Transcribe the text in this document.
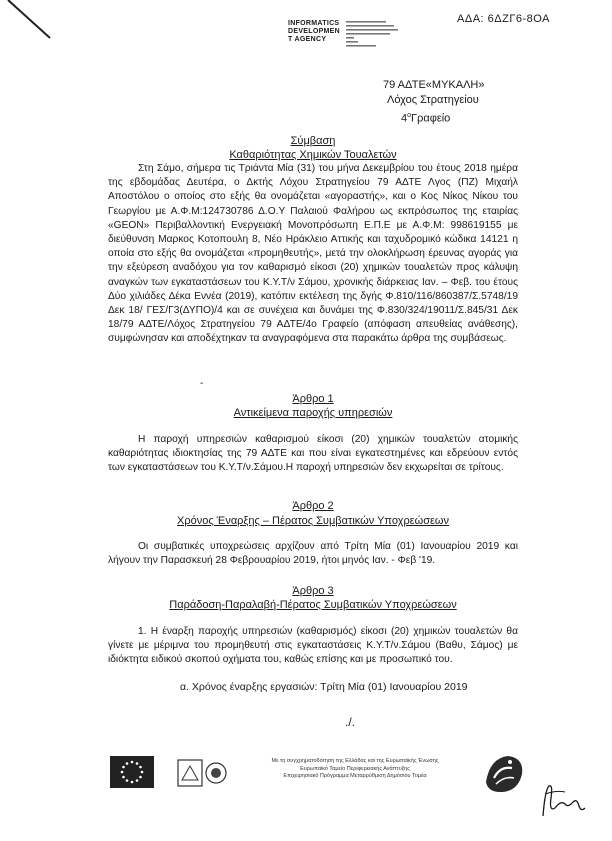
ΑΔΑ: 6ΔΖΓ6-8ΟΑ
INFORMATICS
DEVELOPMEN
T AGENCY
79 ΑΔΤΕ«ΜΥΚΑΛΗ»
Λόχος Στρατηγείου
$4^o\Gamma\rho\alpha\varphi\varepsilon ίo$
Σύμβαση
Καθαριότητας Χημικών Τουαλετών
Στη Σάμο, σήμερα τις Τριάντα Μία (31) του μήνα Δεκεμβρίου του έτους 2018 ημέρα της εβδομάδας Δευτέρα, ο Δκτής Λόχου Στρατηγείου 79 ΑΔΤΕ Λγος (ΠΖ) Μιχαήλ Αποστόλου ο οποίος στο εξής θα ονομάζεται «αγοραστής», και ο Κος Νίκος Νίκου του Γεωργίου με Α.Φ.Μ:124730786 Δ.Ο.Υ Παλαιού Φαλήρου ως εκπρόσωπος της εταιρίας «GEON» Περιβαλλοντική Ενεργειακή Μονοπρόσωπη Ε.Π.Ε με Α.Φ.Μ: 998619155 με διεύθυνση Μαρκος Κοτοπουλη 8, Νέο Ηράκλειο Αττικής και ταχυδρομικό κώδικα 14121 η οποία στο εξής θα ονομάζεται «προμηθευτής», μετά την ολοκλήρωση έρευνας αγοράς για την εξεύρεση αναδόχου για τον καθαρισμό είκοσι (20) χημικών τουαλετών προς κάλυψη αναγκών των εγκαταστάσεων του Κ.Υ.Τ/ν Σάμου, χρονικής διάρκειας Ιαν. – Φεβ. του έτους Δύο χιλιάδες Δέκα Εννέα (2019), κατόπιν εκτέλεση της δγής Φ.810/116/860387/Σ.5748/19 Δεκ 18/ ΓΕΣ/Γ3(ΔΥΠΟ)/4 και σε συνέχεια και δυνάμει της Φ.830/324/19011/Σ.845/31 Δεκ 18/79 ΑΔΤΕ/Λόχος Στρατηγείου 79 ΑΔΤΕ/4ο Γραφείο (απόφαση απευθείας ανάθεσης), συμφώνησαν και αποδέχτηκαν τα αναγραφόμενα στα παρακάτω άρθρα της συμβάσεως.
-
Άρθρο 1
Αντικείμενα παροχής υπηρεσιών
Η παροχή υπηρεσιών καθαρισμού είκοσι (20) χημικών τουαλετών ατομικής καθαριότητας ιδιοκτησίας της 79 ΑΔΤΕ και που είναι εγκατεστημένες και εδρεύουν εντός των εγκαταστάσεων του Κ.Υ.Τ/ν.Σάμου.Η παροχή υπηρεσιών δεν εκχωρείται σε τρίτους.
Άρθρο 2
Χρόνος Έναρξης – Πέρατος Συμβατικών Υποχρεώσεων
Οι συμβατικές υποχρεώσεις αρχίζουν από Τρίτη Μία (01) Ιανουαρίου 2019 και λήγουν την Παρασκευή 28 Φεβρουαρίου 2019, ήτοι μηνός Ιαν. - Φεβ '19.
Άρθρο 3
Παράδοση-Παραλαβή-Πέρατος Συμβατικών Υποχρεώσεων
1. Η έναρξη παροχής υπηρεσιών (καθαρισμός) είκοσι (20) χημικών τουαλετών θα γίνετε με μέριμνα του προμηθευτή στις εγκαταστάσεις Κ.Υ.Τ/ν.Σάμου (Βαθυ, Σάμος) με ιδιόκτητα ειδικού σκοπού οχήματα του, καθώς επίσης και με προσωπικό του.
α. Χρόνος έναρξης εργασιών: Τρίτη Μία (01) Ιανουαρίου 2019
./.
Με τη συγχρηματοδότηση της Ελλάδας και της Ευρωπαϊκής Ένωσης
Ευρωπαϊκό Ταμείο Περιφερειακής Ανάπτυξης
Επιχειρησιακό Πρόγραμμα Μεταρρύθμιση Δημόσιου Τομέα
